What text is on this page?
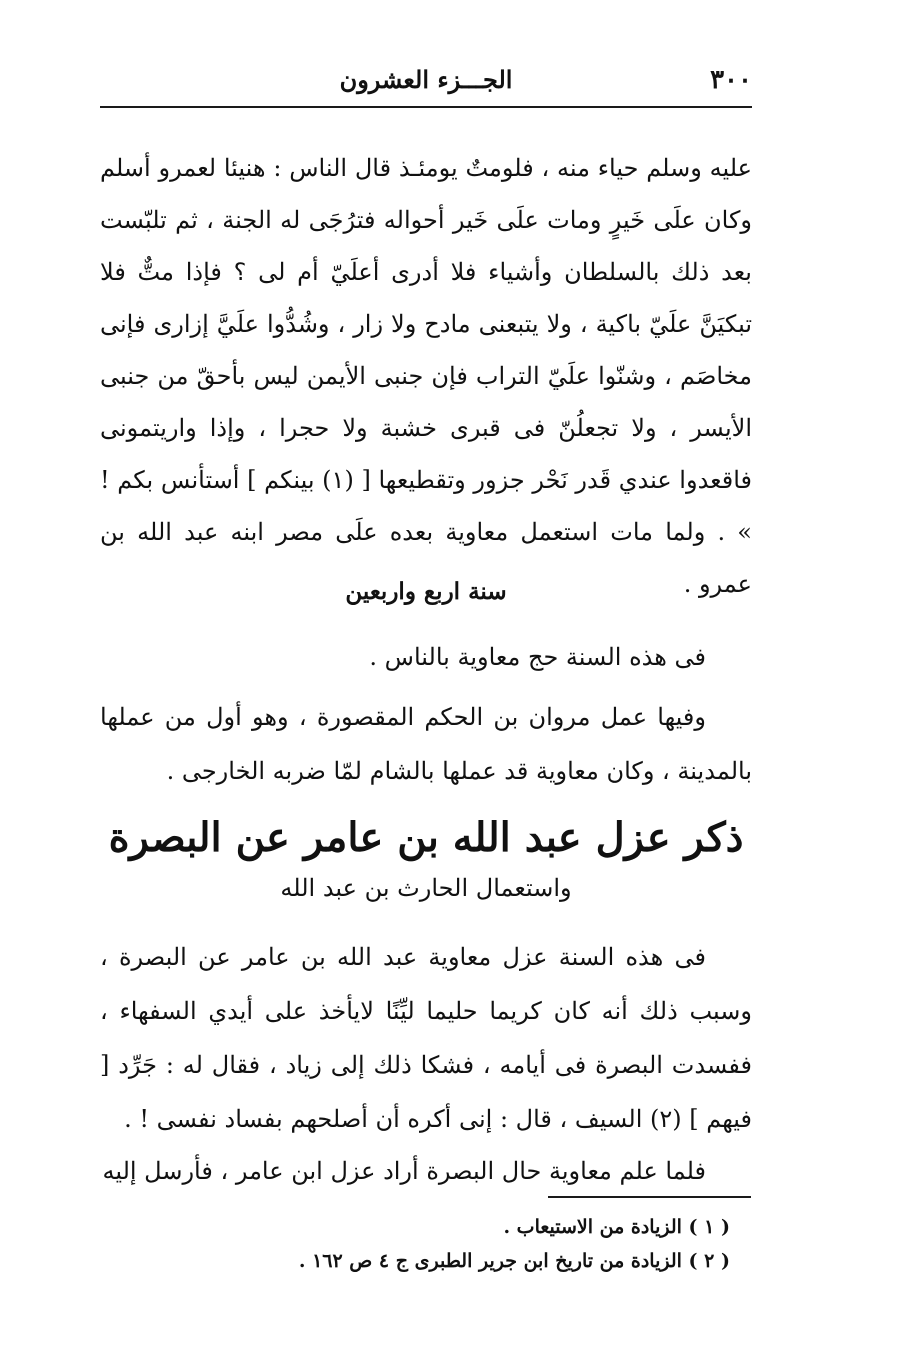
٣٠٠
الجـــزء العشرون

عليه وسلم حياء منه ، فلومتٌ يومئـذ قال الناس : هنيئا لعمرو أسلم وكان علَى خَيرٍ ومات علَى خَير أحواله فترُجَى له الجنة ، ثم تلبّست بعد ذلك بالسلطان وأشياء فلا أدرى أعلَيّ أم لى ؟ فإذا متٌّ فلا تبكيَنَّ علَيّ باكية ، ولا يتبعنى مادح ولا زار ، وشُدُّوا علَيَّ إزارى فإنى مخاصَم ، وشنّوا علَيّ التراب فإن جنبى الأيمن ليس بأحقّ من جنبى الأيسر ، ولا تجعلُنّ فى قبرى خشبة ولا حجرا ، وإذا واريتمونى فاقعدوا عندي قَدر نَحْر جزور وتقطيعها [ (١) بينكم ] أستأنس بكم ! » . ولما مات استعمل معاوية بعده علَى مصر ابنه عبد الله بن عمرو .

سنة اربع واربعين

فى هذه السنة حج معاوية بالناس .

وفيها عمل مروان بن الحكم المقصورة ، وهو أول من عملها بالمدينة ، وكان معاوية قد عملها بالشام لمّا ضربه الخارجى .

ذكر عزل عبد الله بن عامر عن البصرة
واستعمال الحارث بن عبد الله

فى هذه السنة عزل معاوية عبد الله بن عامر عن البصرة ، وسبب ذلك أنه كان كريما حليما ليِّنًا لايأخذ على أيدي السفهاء ، ففسدت البصرة فى أيامه ، فشكا ذلك إلى زياد ، فقال له : جَرِّد [ فيهم ] (٢) السيف ، قال : إنى أكره أن أصلحهم بفساد نفسى ! .

فلما علم معاوية حال البصرة أراد عزل ابن عامر ، فأرسل إليه

( ١ ) الزيادة من الاستيعاب .
( ٢ ) الزيادة من تاريخ ابن جرير الطبرى ج ٤ ص ١٦٢ .
